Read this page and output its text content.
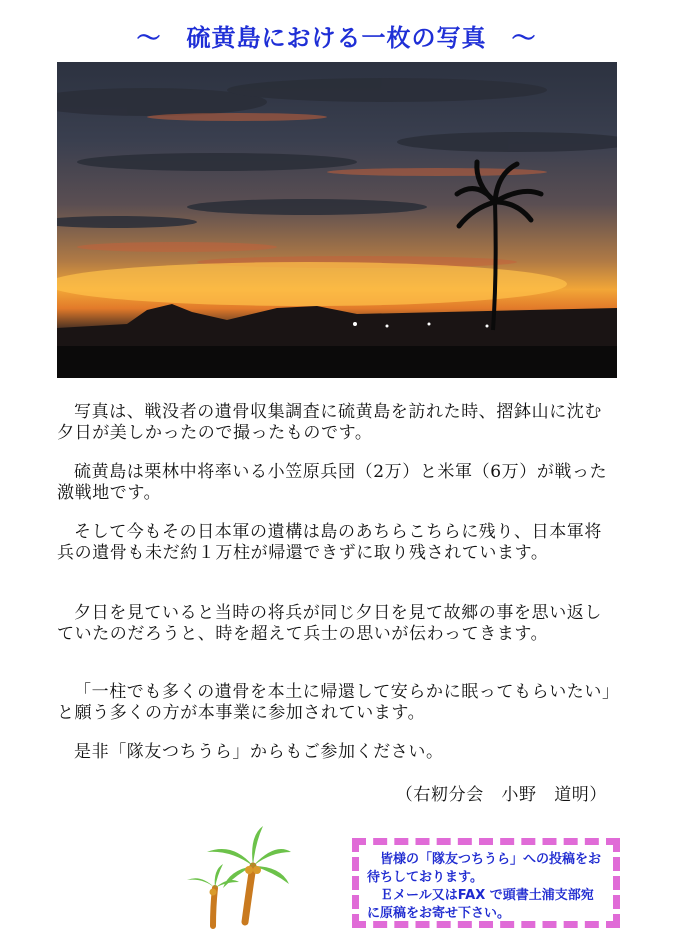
～　硫黄島における一枚の写真　～

写真は、戦没者の遺骨収集調査に硫黄島を訪れた時、摺鉢山に沈む夕日が美しかったので撮ったものです。

硫黄島は栗林中将率いる小笠原兵団（2万）と米軍（6万）が戦った激戦地です。

そして今もその日本軍の遺構は島のあちらこちらに残り、日本軍将兵の遺骨も未だ約１万柱が帰還できずに取り残されています。

夕日を見ていると当時の将兵が同じ夕日を見て故郷の事を思い返していたのだろうと、時を超えて兵士の思いが伝わってきます。

「一柱でも多くの遺骨を本土に帰還して安らかに眠ってもらいたい」と願う多くの方が本事業に参加されています。

是非「隊友つちうら」からもご参加ください。

（右籾分会　小野　道明）

皆様の「隊友つちうら」への投稿をお待ちしております。

Ｅメール又はFAX で頭書土浦支部宛に原稿をお寄せ下さい。
